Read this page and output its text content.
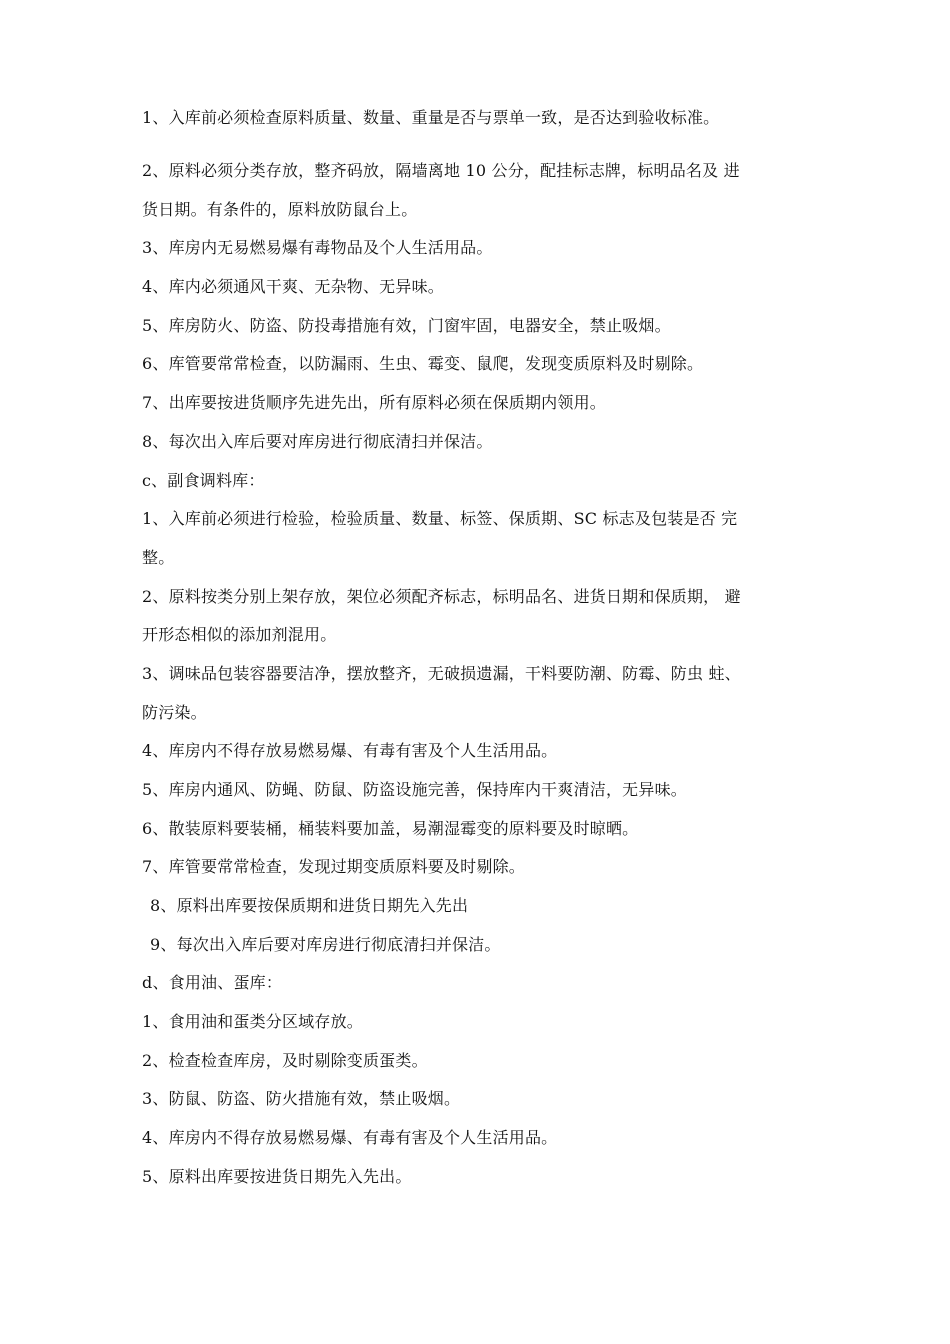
1、入库前必须检查原料质量、数量、重量是否与票单一致，是否达到验收标准。
2、原料必须分类存放，整齐码放，隔墙离地 10 公分，配挂标志牌，标明品名及 进
货日期。有条件的，原料放防鼠台上。
3、库房内无易燃易爆有毒物品及个人生活用品。
4、库内必须通风干爽、无杂物、无异味。
5、库房防火、防盗、防投毒措施有效，门窗牢固，电器安全，禁止吸烟。
6、库管要常常检查，以防漏雨、生虫、霉变、鼠爬，发现变质原料及时剔除。
7、出库要按进货顺序先进先出，所有原料必须在保质期内领用。
8、每次出入库后要对库房进行彻底清扫并保洁。
c、副食调料库：
1、入库前必须进行检验，检验质量、数量、标签、保质期、SC 标志及包装是否 完
整。
2、原料按类分别上架存放，架位必须配齐标志，标明品名、进货日期和保质期， 避
开形态相似的添加剂混用。
3、调味品包装容器要洁净，摆放整齐，无破损遗漏，干料要防潮、防霉、防虫 蛀、
防污染。
4、库房内不得存放易燃易爆、有毒有害及个人生活用品。
5、库房内通风、防蝇、防鼠、防盗设施完善，保持库内干爽清洁，无异味。
6、散装原料要装桶，桶装料要加盖，易潮湿霉变的原料要及时晾晒。
7、库管要常常检查，发现过期变质原料要及时剔除。
8、原料出库要按保质期和进货日期先入先出
9、每次出入库后要对库房进行彻底清扫并保洁。
d、食用油、蛋库：
1、食用油和蛋类分区域存放。
2、检查检查库房，及时剔除变质蛋类。
3、防鼠、防盗、防火措施有效，禁止吸烟。
4、库房内不得存放易燃易爆、有毒有害及个人生活用品。
5、原料出库要按进货日期先入先出。
